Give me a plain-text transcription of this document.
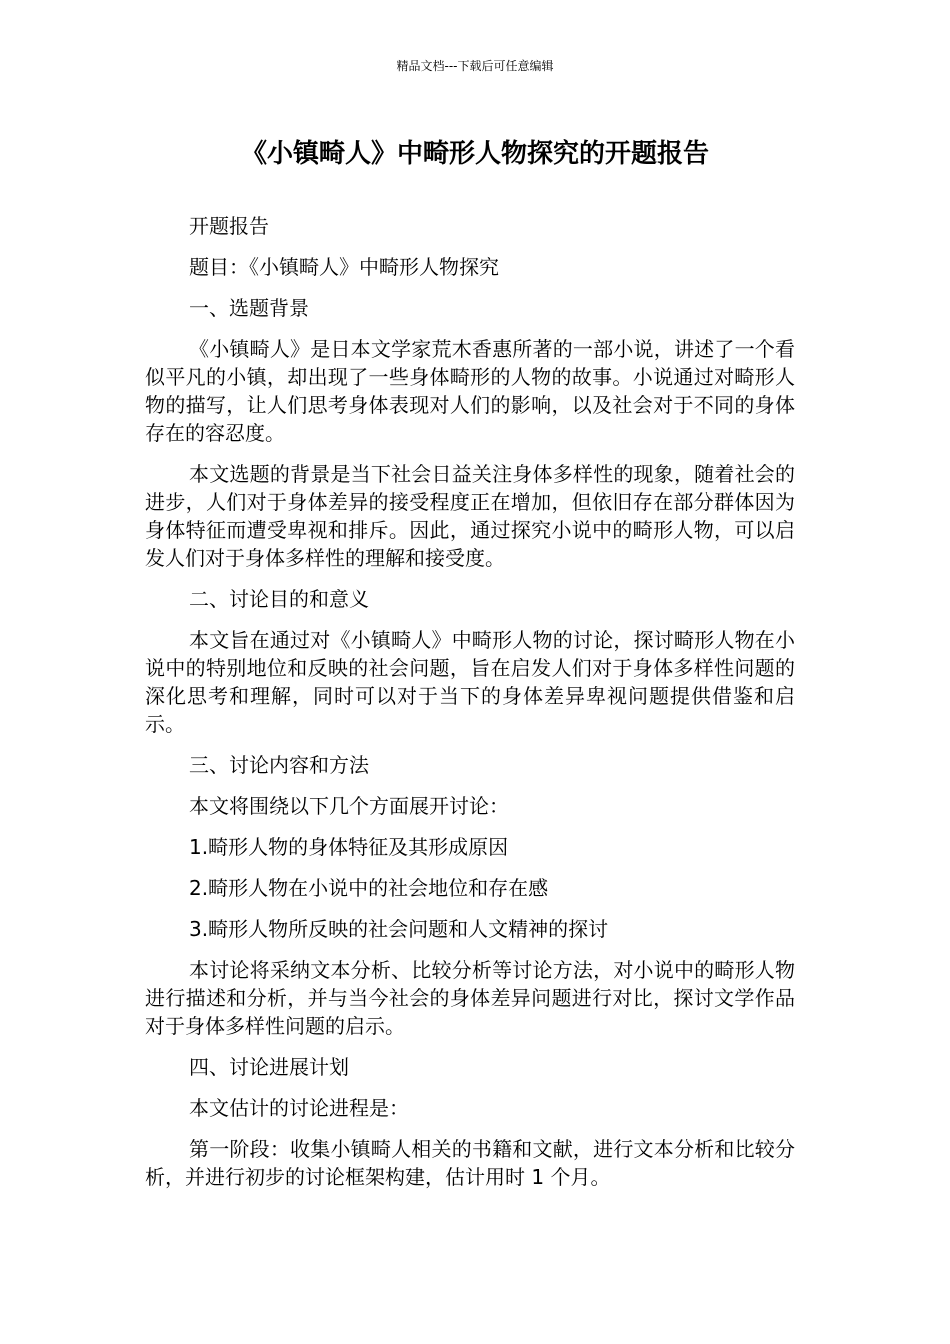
精品文档---下载后可任意编辑
《小镇畸人》中畸形人物探究的开题报告

开题报告

题目：《小镇畸人》中畸形人物探究

一、选题背景

《小镇畸人》是日本文学家荒木香惠所著的一部小说，讲述了一个看似平凡的小镇，却出现了一些身体畸形的人物的故事。小说通过对畸形人物的描写，让人们思考身体表现对人们的影响，以及社会对于不同的身体存在的容忍度。

本文选题的背景是当下社会日益关注身体多样性的现象，随着社会的进步，人们对于身体差异的接受程度正在增加，但依旧存在部分群体因为身体特征而遭受卑视和排斥。因此，通过探究小说中的畸形人物，可以启发人们对于身体多样性的理解和接受度。

二、讨论目的和意义

本文旨在通过对《小镇畸人》中畸形人物的讨论，探讨畸形人物在小说中的特别地位和反映的社会问题，旨在启发人们对于身体多样性问题的深化思考和理解，同时可以对于当下的身体差异卑视问题提供借鉴和启示。

三、讨论内容和方法

本文将围绕以下几个方面展开讨论：

1.畸形人物的身体特征及其形成原因

2.畸形人物在小说中的社会地位和存在感

3.畸形人物所反映的社会问题和人文精神的探讨

本讨论将采纳文本分析、比较分析等讨论方法，对小说中的畸形人物进行描述和分析，并与当今社会的身体差异问题进行对比，探讨文学作品对于身体多样性问题的启示。

四、讨论进展计划

本文估计的讨论进程是：

第一阶段：收集小镇畸人相关的书籍和文献，进行文本分析和比较分析，并进行初步的讨论框架构建，估计用时 1 个月。
